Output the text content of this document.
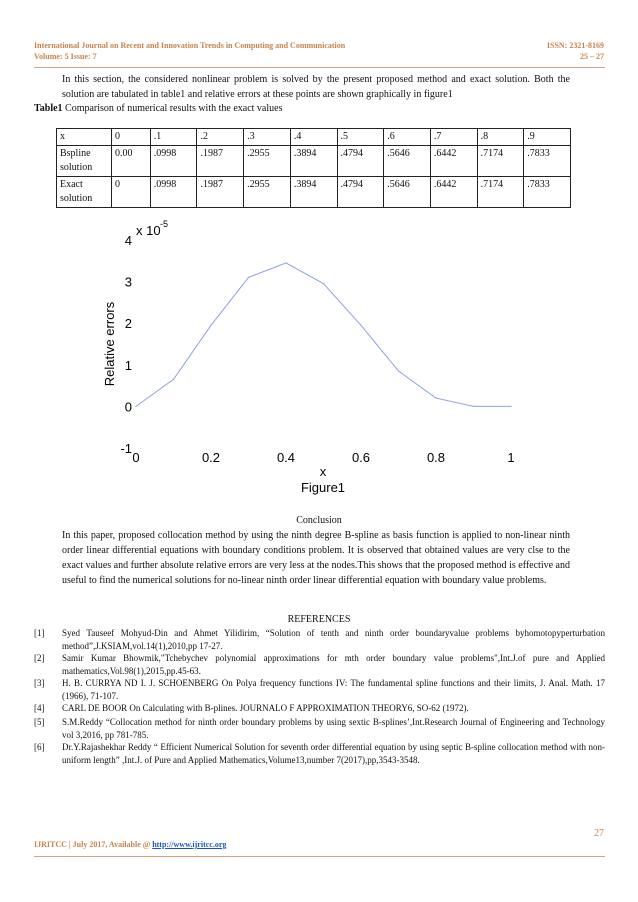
International Journal on Recent and Innovation Trends in Computing and Communication	ISSN: 2321-8169
Volume: 5 Issue: 7	25 – 27
In this section, the considered nonlinear problem is solved by the present proposed method and exact solution. Both the solution are tabulated in table1 and relative errors at these points are shown graphically in figure1
Table1 Comparison of numerical results with the exact values
x	0	.1	.2	.3	.4	.5	.6	.7	.8	.9
Bspline solution	0.00	.0998	.1987	.2955	.3894	.4794	.5646	.6442	.7174	.7833
Exact solution	0	.0998	.1987	.2955	.3894	.4794	.5646	.6442	.7174	.7833
-1
0
1
2
3
4
0	0.2	0.4	0.6	0.8	1
x 10 -5
Relative errors
x
Figure1
Conclusion
In this paper, proposed collocation method by using the ninth degree B-spline as basis function is applied to non-linear ninth order linear differential equations with boundary conditions problem. It is observed that obtained values are very clse to the exact values and further absolute relative errors are very less at the nodes.This shows that the proposed method is effective and useful to find the numerical solutions for no-linear ninth order linear differential equation with boundary value problems.
REFERENCES
[1] Syed Tauseef Mohyud-Din and Ahmet Yilidirim, “Solution of tenth and ninth order boundaryvalue problems byhomotopyperturbation method”,J.KSIAM,vol.14(1),2010,pp 17-27.
[2] Samir Kumar Bhowmik,"Tchebychev polynomial approximations for mth order boundary value problems",Int.J.of pure and Applied mathematics,Vol.98(1),2015,pp.45-63.
[3] H. B. CURRYA ND I. J. SCHOENBERG On Polya frequency functions IV: The fundamental spline functions and their limits, J. Anal. Math. 17 (1966), 71-107.
[4] CARL DE BOOR On Calculating with B-plines. JOURNALO F APPROXIMATION THEORY6, SO-62 (1972).
[5] S.M.Reddy “Collocation method for ninth order boundary problems by using sextic B-splines’,Int.Research Journal of Engineering and Technology vol 3,2016, pp 781-785.
[6] Dr.Y.Rajashekhar Reddy “ Efficient Numerical Solution for seventh order differential equation by using septic B-spline collocation method with non-uniform length” ,Int.J. of Pure and Applied Mathematics,Volume13,number 7(2017),pp,3543-3548.
27
IJRITCC | July 2017, Available @ http://www.ijritcc.org
